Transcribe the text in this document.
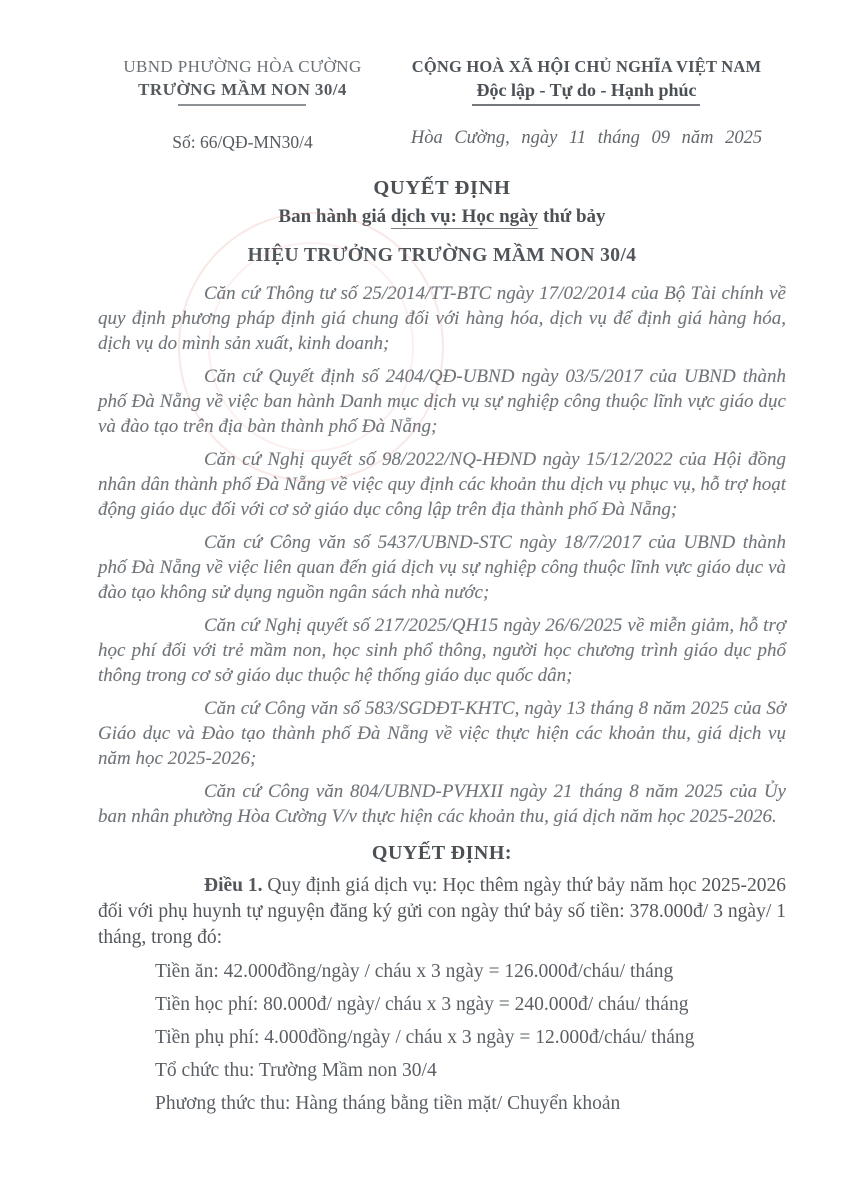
UBND PHƯỜNG HÒA CƯỜNG
TRƯỜNG MẦM NON 30/4
Số: 66/QĐ-MN30/4
CỘNG HOÀ XÃ HỘI CHỦ NGHĨA VIỆT NAM
Độc lập - Tự do - Hạnh phúc
Hòa Cường, ngày 11 tháng 09 năm 2025
QUYẾT ĐỊNH
Ban hành giá dịch vụ: Học ngày thứ bảy
HIỆU TRƯỞNG TRƯỜNG MẦM NON 30/4

Căn cứ Thông tư số 25/2014/TT-BTC ngày 17/02/2014 của Bộ Tài chính về quy định phương pháp định giá chung đối với hàng hóa, dịch vụ để định giá hàng hóa, dịch vụ do mình sản xuất, kinh doanh;

Căn cứ Quyết định số 2404/QĐ-UBND ngày 03/5/2017 của UBND thành phố Đà Nẵng về việc ban hành Danh mục dịch vụ sự nghiệp công thuộc lĩnh vực giáo dục và đào tạo trên địa bàn thành phố Đà Nẵng;

Căn cứ Nghị quyết số 98/2022/NQ-HĐND ngày 15/12/2022 của Hội đồng nhân dân thành phố Đà Nẵng về việc quy định các khoản thu dịch vụ phục vụ, hỗ trợ hoạt động giáo dục đối với cơ sở giáo dục công lập trên địa thành phố Đà Nẵng;

Căn cứ Công văn số 5437/UBND-STC ngày 18/7/2017 của UBND thành phố Đà Nẵng về việc liên quan đến giá dịch vụ sự nghiệp công thuộc lĩnh vực giáo dục và đào tạo không sử dụng nguồn ngân sách nhà nước;

Căn cứ Nghị quyết số 217/2025/QH15 ngày 26/6/2025 về miễn giảm, hỗ trợ học phí đối với trẻ mầm non, học sinh phổ thông, người học chương trình giáo dục phổ thông trong cơ sở giáo dục thuộc hệ thống giáo dục quốc dân;

Căn cứ Công văn số 583/SGDĐT-KHTC, ngày 13 tháng 8 năm 2025 của Sở Giáo dục và Đào tạo thành phố Đà Nẵng về việc thực hiện các khoản thu, giá dịch vụ năm học 2025-2026;

Căn cứ Công văn 804/UBND-PVHXII ngày 21 tháng 8 năm 2025 của Ủy ban nhân phường Hòa Cường V/v thực hiện các khoản thu, giá dịch năm học 2025-2026.

QUYẾT ĐỊNH:

Điều 1. Quy định giá dịch vụ: Học thêm ngày thứ bảy năm học 2025-2026 đối với phụ huynh tự nguyện đăng ký gửi con ngày thứ bảy số tiền: 378.000đ/ 3 ngày/ 1 tháng, trong đó:

Tiền ăn: 42.000đồng/ngày / cháu x 3 ngày = 126.000đ/cháu/ tháng

Tiền học phí: 80.000đ/ ngày/ cháu x 3 ngày = 240.000đ/ cháu/ tháng

Tiền phụ phí: 4.000đồng/ngày / cháu x 3 ngày = 12.000đ/cháu/ tháng

Tổ chức thu: Trường Mầm non 30/4

Phương thức thu: Hàng tháng bằng tiền mặt/ Chuyển khoản
